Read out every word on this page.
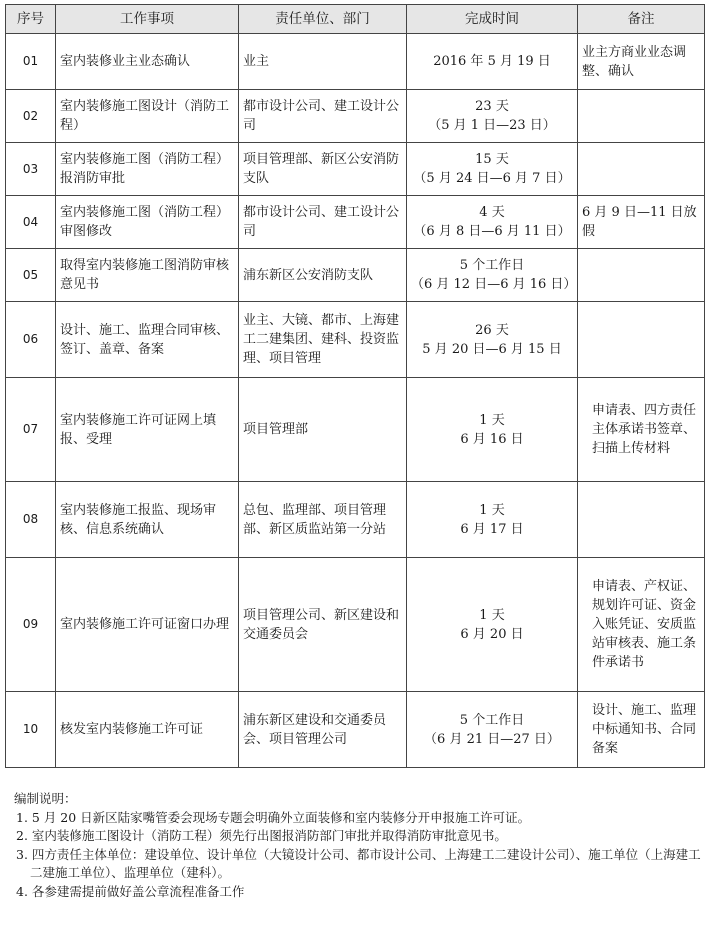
序号	工作事项	责任单位、部门	完成时间	备注
01	室内装修业主业态确认	业主	2016 年 5 月 19 日	业主方商业业态调整、确认
02	室内装修施工图设计（消防工程）	都市设计公司、建工设计公司	23 天
（5 月 1 日—23 日）	

03	室内装修施工图（消防工程）报消防审批	项目管理部、新区公安消防支队	15 天
（5 月 24 日—6 月 7 日）	

04	室内装修施工图（消防工程）审图修改	都市设计公司、建工设计公司	4 天
（6 月 8 日—6 月 11 日）	6 月 9 日—11 日放假
05	取得室内装修施工图消防审核意见书	浦东新区公安消防支队	5 个工作日
（6 月 12 日—6 月 16 日）	

06	设计、施工、监理合同审核、签订、盖章、备案	业主、大镜、都市、上海建工二建集团、建科、投资监理、项目管理	26 天
5 月 20 日—6 月 15 日	

07	室内装修施工许可证网上填报、受理	项目管理部	1 天
6 月 16 日	申请表、四方责任主体承诺书签章、扫描上传材料
08	室内装修施工报监、现场审核、信息系统确认	总包、监理部、项目管理部、新区质监站第一分站	1 天
6 月 17 日	

09	室内装修施工许可证窗口办理	项目管理公司、新区建设和交通委员会	1 天
6 月 20 日	申请表、产权证、规划许可证、资金入账凭证、安质监站审核表、施工条件承诺书
10	核发室内装修施工许可证	浦东新区建设和交通委员会、项目管理公司	5 个工作日
（6 月 21 日—27 日）	设计、施工、监理中标通知书、合同备案

编制说明：

1. 5 月 20 日新区陆家嘴管委会现场专题会明确外立面装修和室内装修分开申报施工许可证。

2. 室内装修施工图设计（消防工程）须先行出图报消防部门审批并取得消防审批意见书。

3. 四方责任主体单位：建设单位、设计单位（大镜设计公司、都市设计公司、上海建工二建设计公司）、施工单位（上海建工二建施工单位）、监理单位（建科）。

4. 各参建需提前做好盖公章流程准备工作
